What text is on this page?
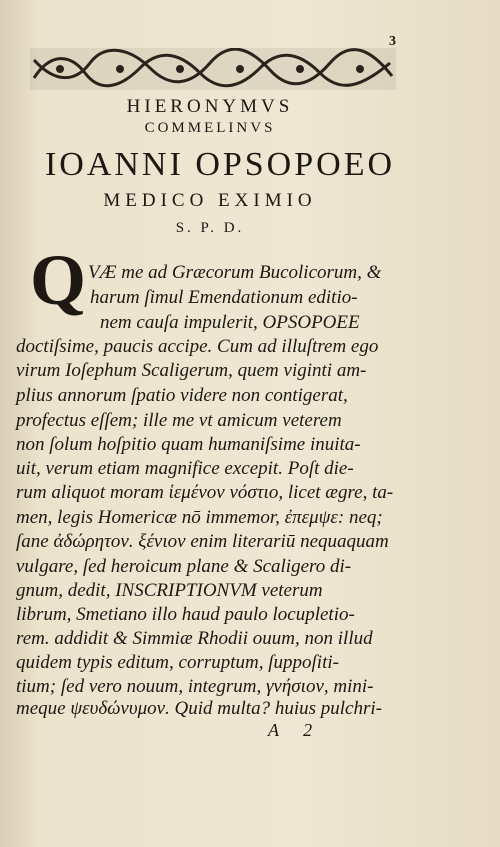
3
HIERONYMVS
COMMELINVS
IOANNI OPSOPOEO
MEDICO EXIMIO
S. P. D.
Q VÆ me ad Græcorum Bucolicorum, &
harum ſimul Emendationum editio-
nem cauſa impulerit, OPSOPOEE
doctiſsime, paucis accipe. Cum ad illuſtrem ego
virum Ioſephum Scaligerum, quem viginti am-
plius annorum ſpatio videre non contigerat,
profectus eſſem; ille me vt amicum veterem
non ſolum hoſpitio quam humaniſsime inuita-
uit, verum etiam magnifice excepit. Poſt die-
rum aliquot moram ἱεμένον νόστιο, licet ægre, ta-
men, legis Homericæ nō immemor, ἐπεμψε: neq;
ſane ἀδώρητον. ξένιον enim literariū nequaquam
vulgare, ſed heroicum plane & Scaligero di-
gnum, dedit, INSCRIPTIONVM veterum
librum, Smetiano illo haud paulo locupletio-
rem. addidit & Simmiæ Rhodii ouum, non illud
quidem typis editum, corruptum, ſuppoſiti-
tium; ſed vero nouum, integrum, γνήσιον, mini-
meque ψευδώνυμον. Quid multa? huius pulchri-
A 2
